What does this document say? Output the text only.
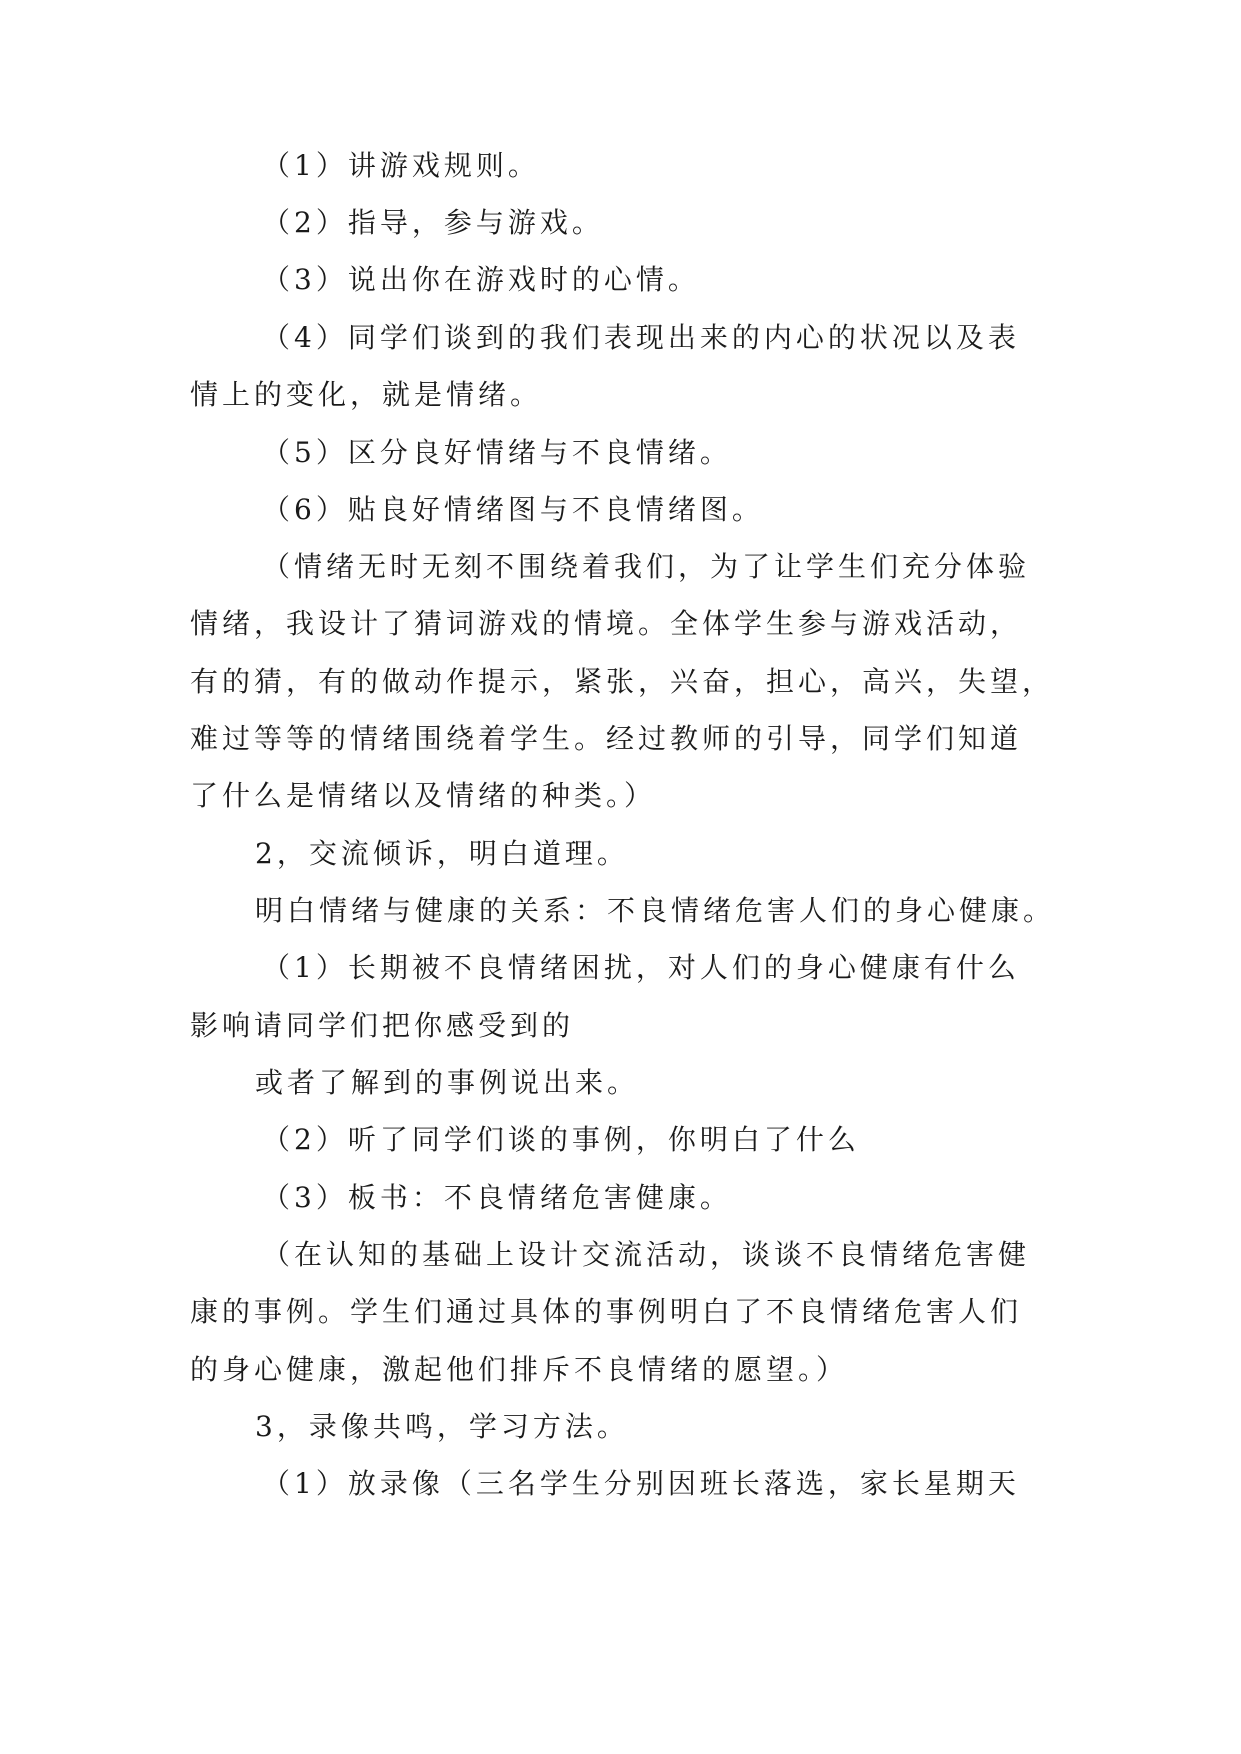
（1）讲游戏规则。
（2）指导，参与游戏。
（3）说出你在游戏时的心情。
（4）同学们谈到的我们表现出来的内心的状况以及表
情上的变化，就是情绪。
（5）区分良好情绪与不良情绪。
（6）贴良好情绪图与不良情绪图。
（情绪无时无刻不围绕着我们，为了让学生们充分体验
情绪，我设计了猜词游戏的情境。全体学生参与游戏活动，
有的猜，有的做动作提示，紧张，兴奋，担心，高兴，失望，
难过等等的情绪围绕着学生。经过教师的引导，同学们知道
了什么是情绪以及情绪的种类。）
2，交流倾诉，明白道理。
明白情绪与健康的关系：不良情绪危害人们的身心健康。
（1）长期被不良情绪困扰，对人们的身心健康有什么
影响请同学们把你感受到的
或者了解到的事例说出来。
（2）听了同学们谈的事例，你明白了什么
（3）板书：不良情绪危害健康。
（在认知的基础上设计交流活动，谈谈不良情绪危害健
康的事例。学生们通过具体的事例明白了不良情绪危害人们
的身心健康，激起他们排斥不良情绪的愿望。）
3，录像共鸣，学习方法。
（1）放录像（三名学生分别因班长落选，家长星期天
